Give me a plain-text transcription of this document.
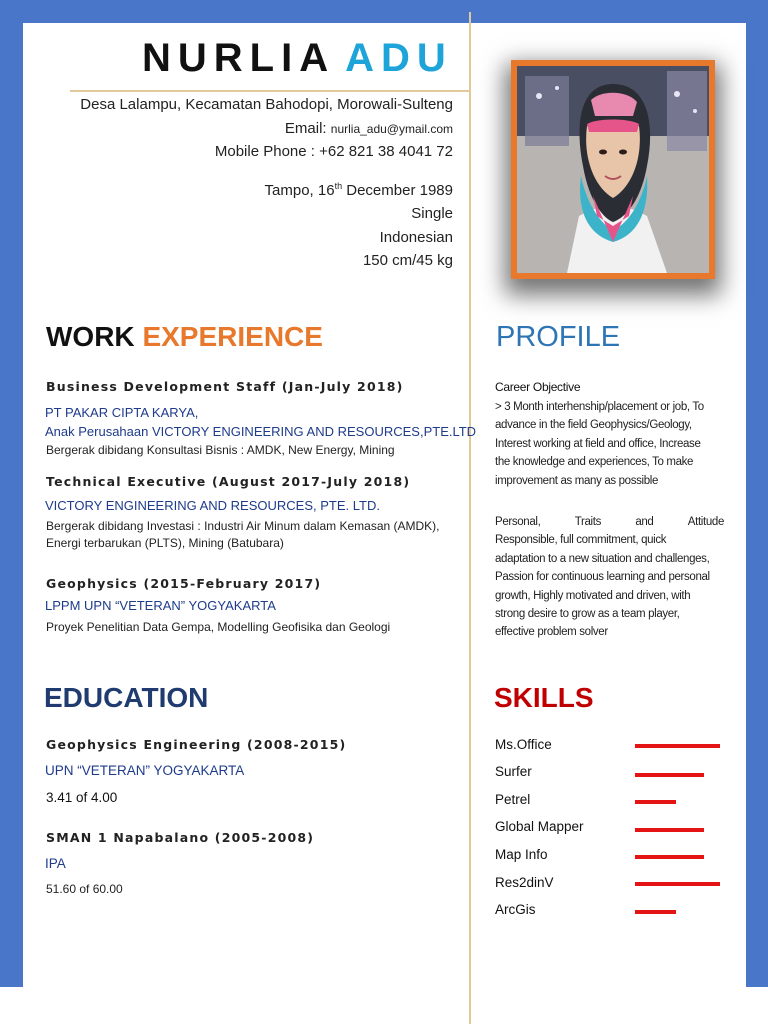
NURLIA ADU
Desa Lalampu, Kecamatan Bahodopi, Morowali-Sulteng
Email: nurlia_adu@ymail.com
Mobile Phone : +62 821 38 4041 72
Tampo, 16th December 1989
Single
Indonesian
150 cm/45 kg
WORK EXPERIENCE	PROFILE
EDUCATION	SKILLS
Business Development Staff (Jan-July 2018)
PT PAKAR CIPTA KARYA,
Anak Perusahaan VICTORY ENGINEERING AND RESOURCES,PTE.LTD
Bergerak dibidang Konsultasi Bisnis : AMDK, New Energy, Mining
Technical Executive (August 2017-July 2018)
VICTORY ENGINEERING AND RESOURCES, PTE. LTD.
Bergerak dibidang Investasi : Industri Air Minum dalam Kemasan (AMDK),
Energi terbarukan (PLTS), Mining (Batubara)
Geophysics (2015-February 2017)
LPPM UPN “VETERAN” YOGYAKARTA
Proyek Penelitian Data Gempa, Modelling Geofisika dan Geologi
Geophysics Engineering (2008-2015)
UPN “VETERAN” YOGYAKARTA
3.41 of 4.00
SMAN 1 Napabalano (2005-2008)
IPA
51.60 of 60.00
Career Objective
> 3 Month interhenship/placement or job, To
advance in the field Geophysics/Geology,
Interest working at field and office, Increase
the knowledge and experiences, To make
improvement as many as possible
Personal,	Traits	and	Attitude
Responsible, full commitment, quick
adaptation to a new situation and challenges,
Passion for continuous learning and personal
growth, Highly motivated and driven, with
strong desire to grow as a team player,
effective problem solver
Ms.Office
Surfer
Petrel
Global Mapper
Map Info
Res2dinV
ArcGis
